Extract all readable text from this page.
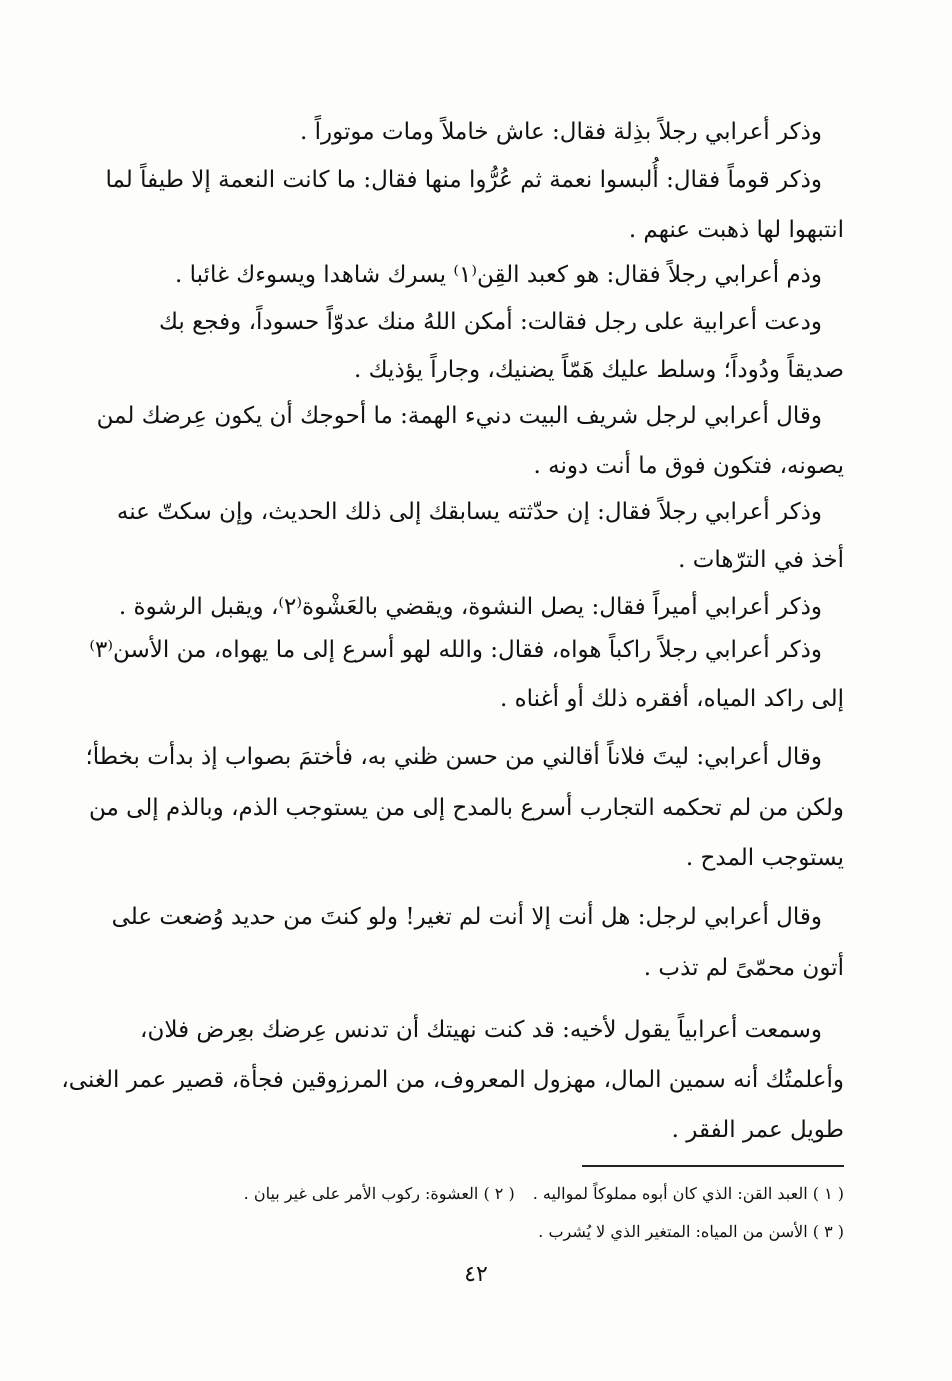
وذكر أعرابي رجلاً بذِلة فقال: عاش خاملاً ومات موتوراً .
وذكر قوماً فقال: أُلبسوا نعمة ثم عُرُّوا منها فقال: ما كانت النعمة إلا طيفاً لما
انتبهوا لها ذهبت عنهم .
وذم أعرابي رجلاً فقال: هو كعبد القِن⁽١⁾ يسرك شاهدا ويسوءك غائبا .
ودعت أعرابية على رجل فقالت: أمكن اللهُ منك عدوّاً حسوداً، وفجع بك
صديقاً ودُوداً؛ وسلط عليك هَمّاً يضنيك، وجاراً يؤذيك .
وقال أعرابي لرجل شريف البيت دنيء الهمة: ما أحوجك أن يكون عِرضك لمن
يصونه، فتكون فوق ما أنت دونه .
وذكر أعرابي رجلاً فقال: إن حدّثته يسابقك إلى ذلك الحديث، وإن سكتّ عنه
أخذ في الترّهات .
وذكر أعرابي أميراً فقال: يصل النشوة، ويقضي بالعَشْوة⁽٢⁾، ويقبل الرشوة .
وذكر أعرابي رجلاً راكباً هواه، فقال: والله لهو أسرع إلى ما يهواه، من الأسن⁽٣⁾
إلى راكد المياه، أفقره ذلك أو أغناه .
وقال أعرابي: ليتَ فلاناً أقالني من حسن ظني به، فأختمَ بصواب إذ بدأت بخطأ؛
ولكن من لم تحكمه التجارب أسرع بالمدح إلى من يستوجب الذم، وبالذم إلى من
يستوجب المدح .
وقال أعرابي لرجل: هل أنت إلا أنت لم تغير! ولو كنتَ من حديد وُضعت على
أتون محمّىً لم تذب .
وسمعت أعرابياً يقول لأخيه: قد كنت نهيتك أن تدنس عِرضك بعِرض فلان،
وأعلمتُك أنه سمين المال، مهزول المعروف، من المرزوقين فجأة، قصير عمر الغنى،
طويل عمر الفقر .
( ١ ) العبد القن: الذي كان أبوه مملوكاً لمواليه .( ٢ ) العشوة: ركوب الأمر على غير بيان .
( ٣ ) الأسن من المياه: المتغير الذي لا يُشرب .
٤٢
